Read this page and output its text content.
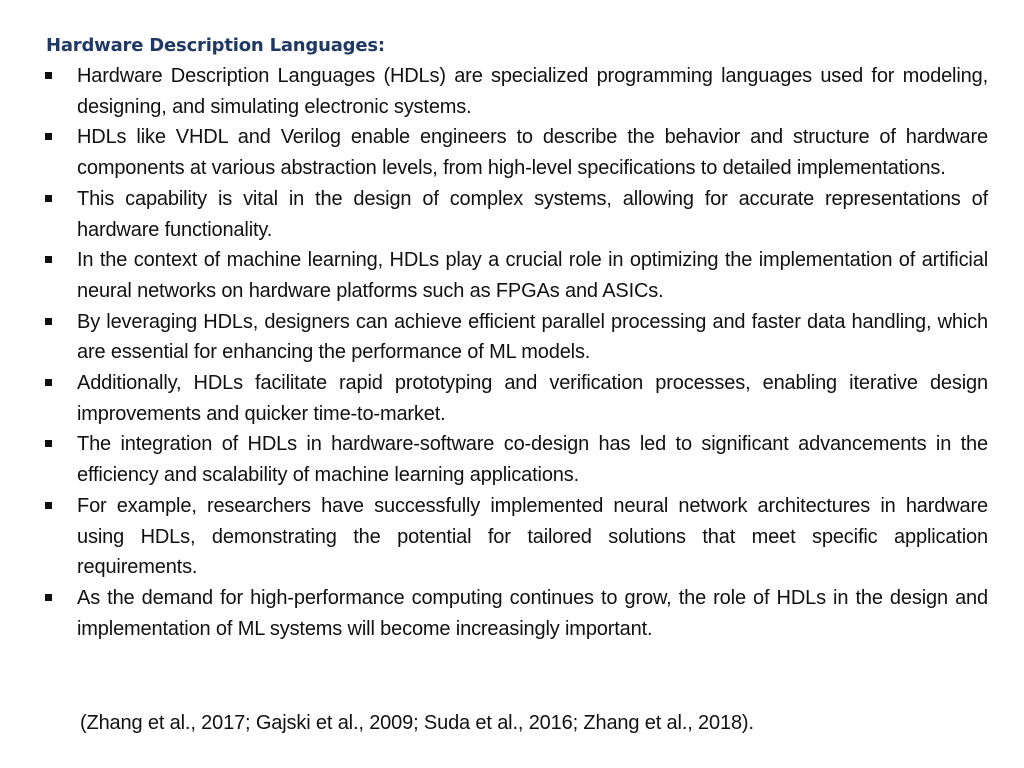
Hardware Description Languages:
Hardware Description Languages (HDLs) are specialized programming languages used for modeling, designing, and simulating electronic systems.
HDLs like VHDL and Verilog enable engineers to describe the behavior and structure of hardware components at various abstraction levels, from high-level specifications to detailed implementations.
This capability is vital in the design of complex systems, allowing for accurate representations of hardware functionality.
In the context of machine learning, HDLs play a crucial role in optimizing the implementation of artificial neural networks on hardware platforms such as FPGAs and ASICs.
By leveraging HDLs, designers can achieve efficient parallel processing and faster data handling, which are essential for enhancing the performance of ML models.
Additionally, HDLs facilitate rapid prototyping and verification processes, enabling iterative design improvements and quicker time-to-market.
The integration of HDLs in hardware-software co-design has led to significant advancements in the efficiency and scalability of machine learning applications.
For example, researchers have successfully implemented neural network architectures in hardware using HDLs, demonstrating the potential for tailored solutions that meet specific application requirements.
As the demand for high-performance computing continues to grow, the role of HDLs in the design and implementation of ML systems will become increasingly important.

(Zhang et al., 2017; Gajski et al., 2009; Suda et al., 2016; Zhang et al., 2018).
